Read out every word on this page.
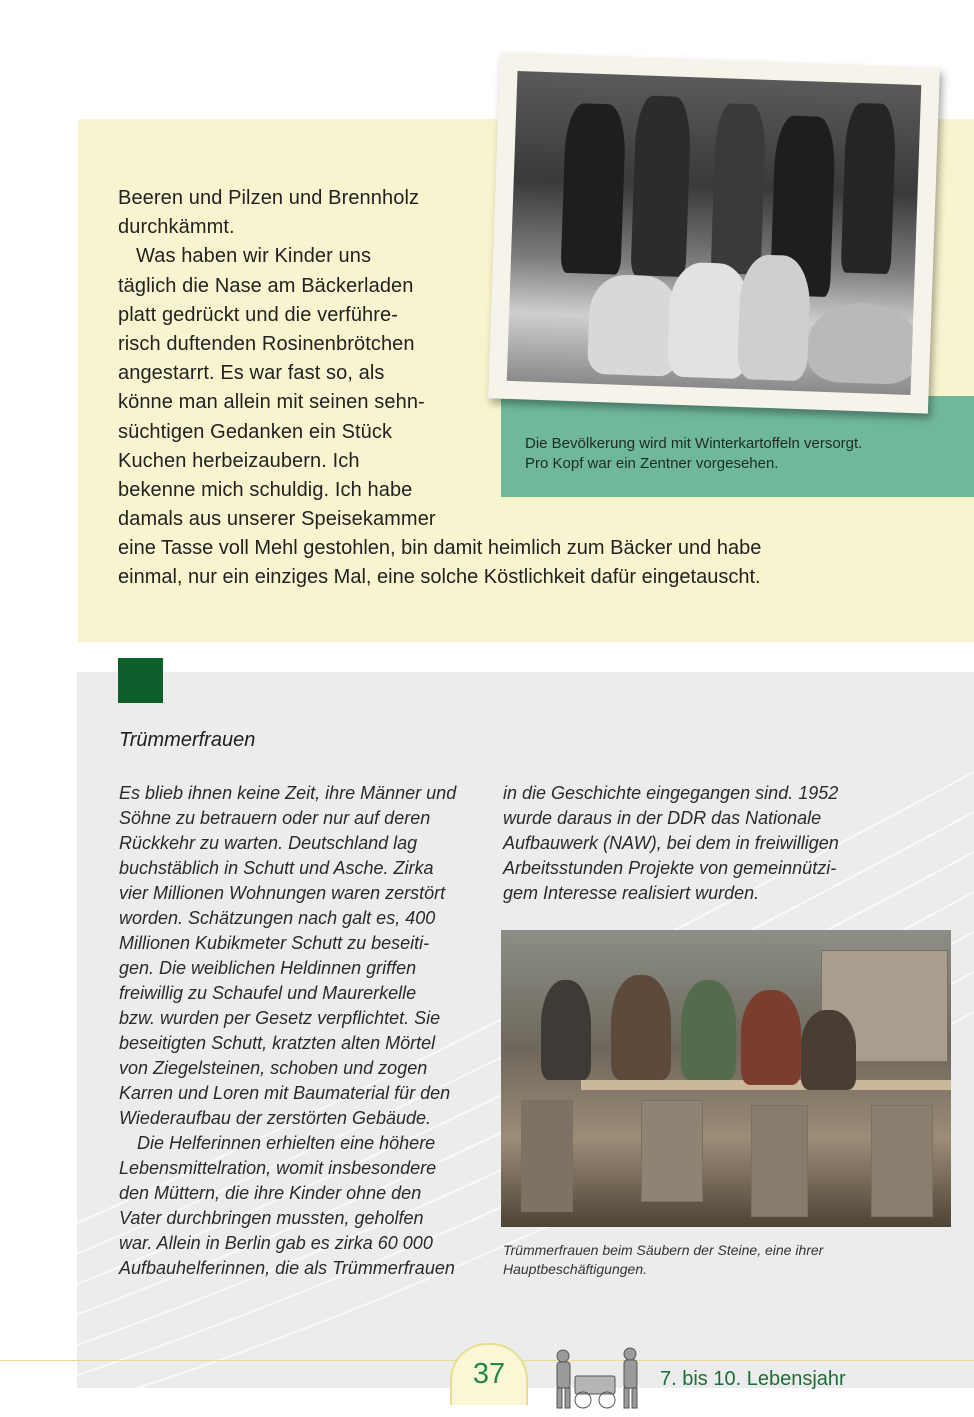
Beeren und Pilzen und Brennholz

durchkämmt.

Was haben wir Kinder uns

täglich die Nase am Bäckerladen

platt gedrückt und die verführe-

risch duftenden Rosinenbrötchen

angestarrt. Es war fast so, als

könne man allein mit seinen sehn-

süchtigen Gedanken ein Stück

Kuchen herbeizaubern. Ich

bekenne mich schuldig. Ich habe

damals aus unserer Speisekammer

eine Tasse voll Mehl gestohlen, bin damit heimlich zum Bäcker und habe

einmal, nur ein einziges Mal, eine solche Köstlichkeit dafür eingetauscht.

Die Bevölkerung wird mit Winterkartoffeln versorgt.
Pro Kopf war ein Zentner vorgesehen.
Trümmerfrauen

Es blieb ihnen keine Zeit, ihre Männer und

Söhne zu betrauern oder nur auf deren

Rückkehr zu warten. Deutschland lag

buchstäblich in Schutt und Asche. Zirka

vier Millionen Wohnungen waren zerstört

worden. Schätzungen nach galt es, 400

Millionen Kubikmeter Schutt zu beseiti-

gen. Die weiblichen Heldinnen griffen

freiwillig zu Schaufel und Maurerkelle

bzw. wurden per Gesetz verpflichtet. Sie

beseitigten Schutt, kratzten alten Mörtel

von Ziegelsteinen, schoben und zogen

Karren und Loren mit Baumaterial für den

Wiederaufbau der zerstörten Gebäude.

Die Helferinnen erhielten eine höhere

Lebensmittelration, womit insbesondere

den Müttern, die ihre Kinder ohne den

Vater durchbringen mussten, geholfen

war. Allein in Berlin gab es zirka 60 000

Aufbauhelferinnen, die als Trümmerfrauen

in die Geschichte eingegangen sind. 1952

wurde daraus in der DDR das Nationale

Aufbauwerk (NAW), bei dem in freiwilligen

Arbeitsstunden Projekte von gemeinnützi-

gem Interesse realisiert wurden.

Trümmerfrauen beim Säubern der Steine, eine ihrer
Hauptbeschäftigungen.
37	7. bis 10. Lebensjahr
